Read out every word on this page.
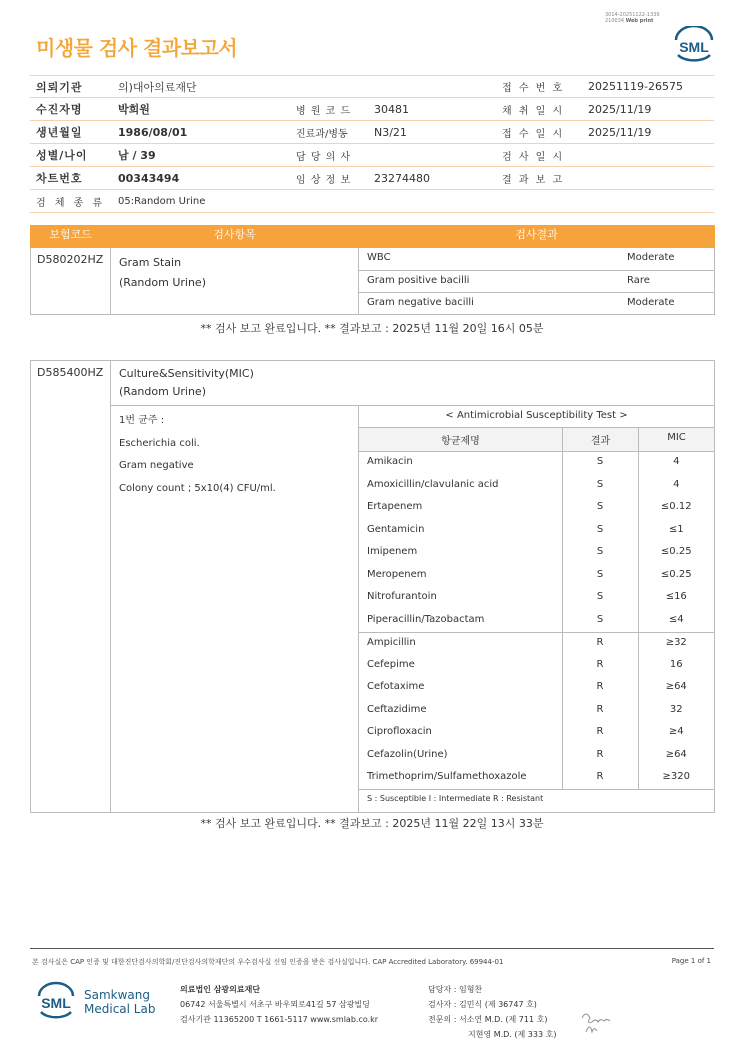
3014-20251122-1339
210034 Web print
미생물 검사 결과보고서	SML
의뢰기관	의)대아의료재단	접 수 번 호	20251119-26575
수진자명	박희원	병 원 코 드	30481	채 취 일 시	2025/11/19
생년월일	1986/08/01	진료과/병동	N3/21	접 수 일 시	2025/11/19
성별/나이	남 / 39	담 당 의 사	검 사 일 시
차트번호	00343494	임 상 정 보	23274480	결 과 보 고
검 체 종 류	05:Random Urine
보험코드	검사항목	검사결과
D580202HZ	Gram Stain
(Random Urine)

WBC	Moderate
Gram positive bacilli	Rare
Gram negative bacilli	Moderate
** 검사 보고 완료입니다. ** 결과보고 : 2025년 11월 20일 16시 05분
D585400HZ	Culture&Sensitivity(MIC)
(Random Urine)

1번 균주 :
Escherichia coli.
Gram negative
Colony count ; 5x10(4) CFU/ml.
	< Antimicrobial Susceptibility Test >
항균제명	결과	MIC

Amikacin	S	4
Amoxicillin/clavulanic acid	S	4
Ertapenem	S	≤0.12
Gentamicin	S	≤1
Imipenem	S	≤0.25
Meropenem	S	≤0.25
Nitrofurantoin	S	≤16
Piperacillin/Tazobactam	S	≤4
Ampicillin	R	≥32
Cefepime	R	16
Cefotaxime	R	≥64
Ceftazidime	R	32
Ciprofloxacin	R	≥4
Cefazolin(Urine)	R	≥64
Trimethoprim/Sulfamethoxazole	R	≥320
S : Susceptible I : Intermediate R : Resistant
** 검사 보고 완료입니다. ** 결과보고 : 2025년 11월 22일 13시 33분
본 검사실은 CAP 인증 및 대한진단검사의학회/진단검사의학재단의 우수검사실 신임 인증을 받은 검사실입니다. CAP Accredited Laboratory. 69944-01	Page 1 of 1
SML Samkwang
Medical Lab
의료법인 삼광의료재단
06742 서울특별시 서초구 바우뫼로41길 57 삼광빌딩
검사기관 11365200 T 1661-5117 www.smlab.co.kr
담당자 : 임형찬
검사자 : 김민식 (제 36747 호)
전문의 : 서소연 M.D. (제 711 호)
지현영 M.D. (제 333 호)
